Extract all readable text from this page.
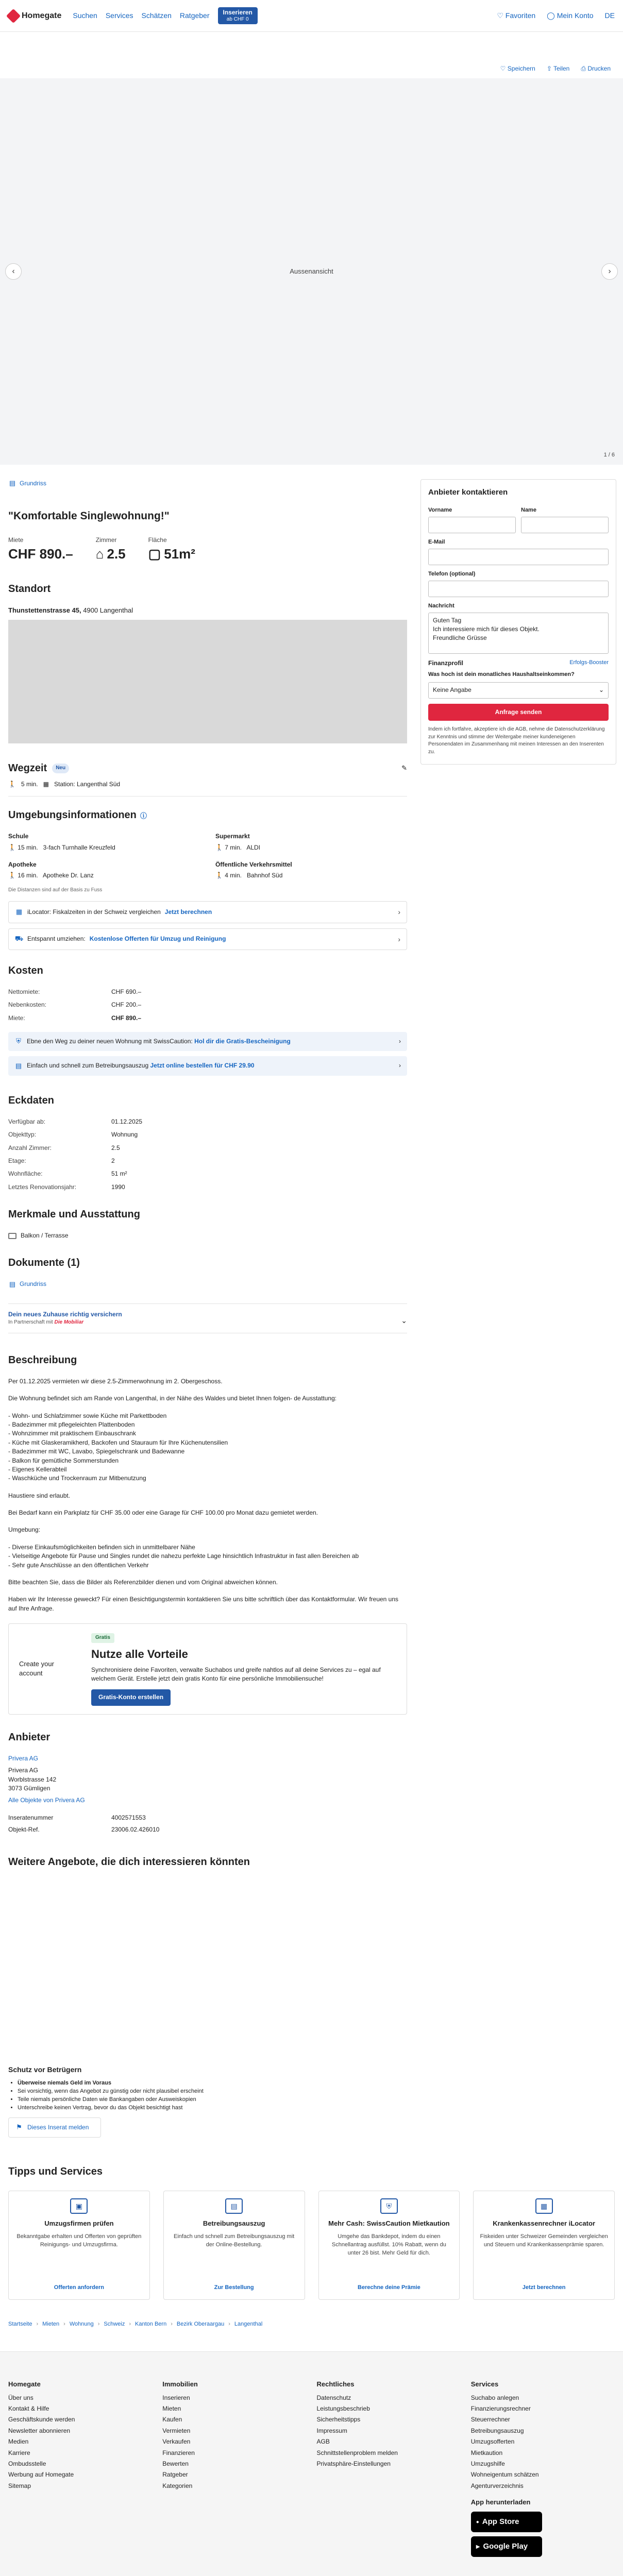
Homegate Suchen Services Schätzen Ratgeber	Inserieren
ab CHF 0	♡ Favoriten ◯ Mein Konto DE
♡ Speichern ⇪ Teilen ⎙ Drucken
‹	Aussenansicht	›
1 / 6
▤ Grundriss
"Komfortable Singlewohnung!"
Miete
CHF 890.–
Zimmer
⌂ 2.5
Fläche
▢ 51m²
Standort
Thunstettenstrasse 45, 4900 Langenthal
Wegzeit	Neu	✎
🚶 5 min. ▦ Station: Langenthal Süd
Umgebungsinformationen ⓘ
Schule
🚶 15 min. 3-fach Turnhalle Kreuzfeld
Supermarkt
🚶 7 min. ALDI
Apotheke
🚶 16 min. Apotheke Dr. Lanz
Öffentliche Verkehrsmittel
🚶 4 min. Bahnhof Süd
Die Distanzen sind auf der Basis zu Fuss
▦ iLocator: Fiskalzeiten in der Schweiz vergleichen Jetzt berechnen	›
⛟ Entspannt umziehen: Kostenlose Offerten für Umzug und Reinigung	›
Kosten
Nettomiete:	CHF 690.–
Nebenkosten:	CHF 200.–
Miete:	CHF 890.–
⛨ Ebne den Weg zu deiner neuen Wohnung mit SwissCaution: Hol dir die Gratis-Bescheinigung	›
▤ Einfach und schnell zum Betreibungsauszug Jetzt online bestellen für CHF 29.90	›
Eckdaten
Verfügbar ab:	01.12.2025
Objekttyp:	Wohnung
Anzahl Zimmer:	2.5
Etage:	2
Wohnfläche:	51 m²
Letztes Renovationsjahr:	1990
Merkmale und Ausstattung
Balkon / Terrasse
Dokumente (1)
▤ Grundriss
Dein neues Zuhause richtig versichern
In Partnerschaft mit Die Mobiliar	⌄
Beschreibung

Per 01.12.2025 vermieten wir diese 2.5-Zimmerwohnung im 2. Obergeschoss.

Die Wohnung befindet sich am Rande von Langenthal, in der Nähe des Waldes und bietet Ihnen folgen- de Ausstattung:

- Wohn- und Schlafzimmer sowie Küche mit Parkettboden
- Badezimmer mit pflegeleichten Plattenboden
- Wohnzimmer mit praktischem Einbauschrank
- Küche mit Glaskeramikherd, Backofen und Stauraum für Ihre Küchenutensilien
- Badezimmer mit WC, Lavabo, Spiegelschrank und Badewanne
- Balkon für gemütliche Sommerstunden
- Eigenes Kellerabteil
- Waschküche und Trockenraum zur Mitbenutzung

Haustiere sind erlaubt.

Bei Bedarf kann ein Parkplatz für CHF 35.00 oder eine Garage für CHF 100.00 pro Monat dazu gemietet werden.

Umgebung:

- Diverse Einkaufsmöglichkeiten befinden sich in unmittelbarer Nähe
- Vielseitige Angebote für Pause und Singles rundet die nahezu perfekte Lage hinsichtlich Infrastruktur in fast allen Bereichen ab
- Sehr gute Anschlüsse an den öffentlichen Verkehr

Bitte beachten Sie, dass die Bilder als Referenzbilder dienen und vom Original abweichen können.

Haben wir Ihr Interesse geweckt? Für einen Besichtigungstermin kontaktieren Sie uns bitte schriftlich über das Kontaktformular. Wir freuen uns auf Ihre Anfrage.

Create your account
Gratis
Nutze alle Vorteile
Synchronisiere deine Favoriten, verwalte Suchabos und greife nahtlos auf all deine Services zu – egal auf welchem Gerät. Erstelle jetzt dein gratis Konto für eine persönliche Immobiliensuche!
Gratis-Konto erstellen
Anbieter
Privera AG
Privera AG
Worblstrasse 142
3073 Gümligen
Alle Objekte von Privera AG
Inseratenummer	4002571553
Objekt-Ref.	23006.02.426010
Anbieter kontaktieren
Vorname	Name
E-Mail
Telefon (optional)
Nachricht
Guten Tag
Ich interessiere mich für dieses Objekt.
Freundliche Grüsse
Finanzprofil	Erfolgs-Booster
Was hoch ist dein monatliches Haushaltseinkommen?
Keine Angabe	⌄
Anfrage senden
Indem ich fortfahre, akzeptiere ich die AGB, nehme die Datenschutzerklärung zur Kenntnis und stimme der Weitergabe meiner kundeneigenen Personendaten im Zusammenhang mit meinen Interessen an den Inserenten zu.
Weitere Angebote, die dich interessieren könnten
Schutz vor Betrügern
• Überweise niemals Geld im Voraus
• Sei vorsichtig, wenn das Angebot zu günstig oder nicht plausibel erscheint
• Teile niemals persönliche Daten wie Bankangaben oder Ausweiskopien
• Unterschreibe keinen Vertrag, bevor du das Objekt besichtigt hast
⚑ Dieses Inserat melden
Tipps und Services
▣
Umzugsfirmen prüfen
Bekanntgabe erhalten und Offerten von geprüften Reinigungs- und Umzugsfirma.
Offerten anfordern
▤
Betreibungsauszug
Einfach und schnell zum Betreibungsauszug mit der Online-Bestellung.
Zur Bestellung
⛨
Mehr Cash: SwissCaution Mietkaution
Umgehe das Bankdepot, indem du einen Schnellantrag ausfüllst. 10% Rabatt, wenn du unter 26 bist. Mehr Geld für dich.
Berechne deine Prämie
▦
Krankenkassenrechner iLocator
Fiskeiden unter Schweizer Gemeinden vergleichen und Steuern und Krankenkassenprämie sparen.
Jetzt berechnen
Startseite › Mieten › Wohnung › Schweiz › Kanton Bern › Bezirk Oberaargau › Langenthal
Homegate
Über uns
Kontakt & Hilfe
Geschäftskunde werden
Newsletter abonnieren
Medien
Karriere
Ombudsstelle
Werbung auf Homegate
Sitemap
Immobilien
Inserieren
Mieten
Kaufen
Vermieten
Verkaufen
Finanzieren
Bewerten
Ratgeber
Kategorien
Rechtliches
Datenschutz
Leistungsbeschrieb
Sicherheitstipps
Impressum
AGB
Schnittstellenproblem melden
Privatsphäre-Einstellungen
Services
Suchabo anlegen
Finanzierungsrechner
Steuerrechner
Betreibungsauszug
Umzugsofferten
Mietkaution
Umzugshilfe
Wohneigentum schätzen
Agenturverzeichnis
App herunterladen
● App Store
▶ Google Play
